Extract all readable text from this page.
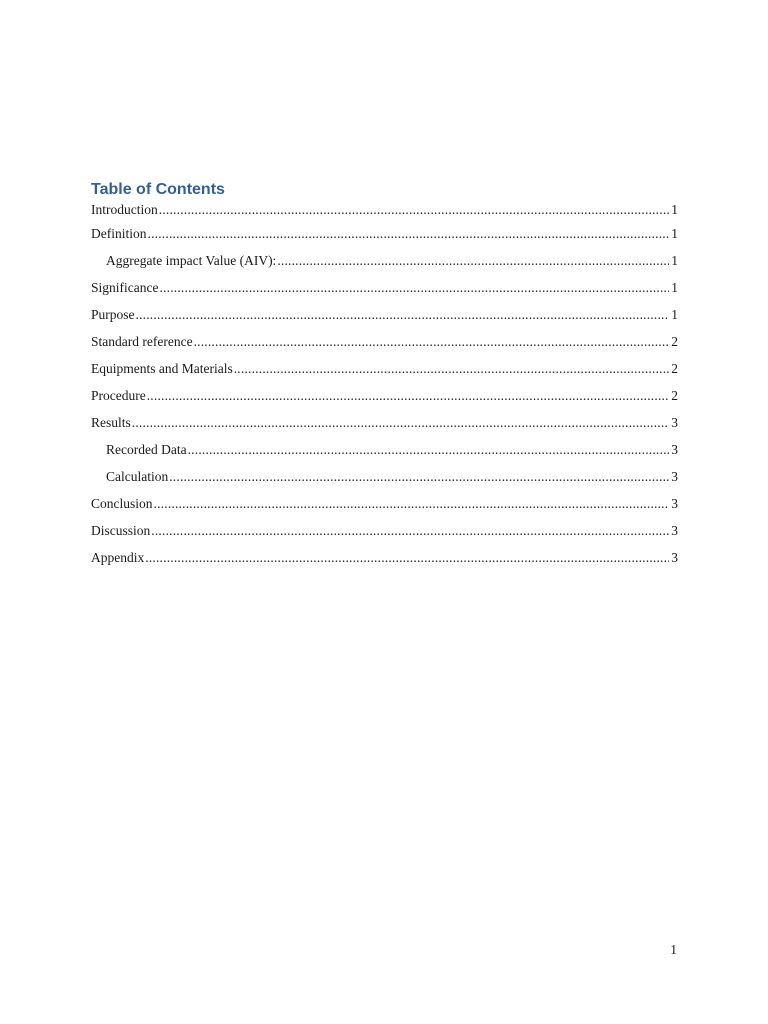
Table of Contents
Introduction .....	1
Definition .....	1
Aggregate impact Value (AIV): .....	1
Significance .....	1
Purpose .....	1
Standard reference .....	2
Equipments and Materials .....	2
Procedure .....	2
Results .....	3
Recorded Data .....	3
Calculation .....	3
Conclusion .....	3
Discussion .....	3
Appendix .....	3
1
